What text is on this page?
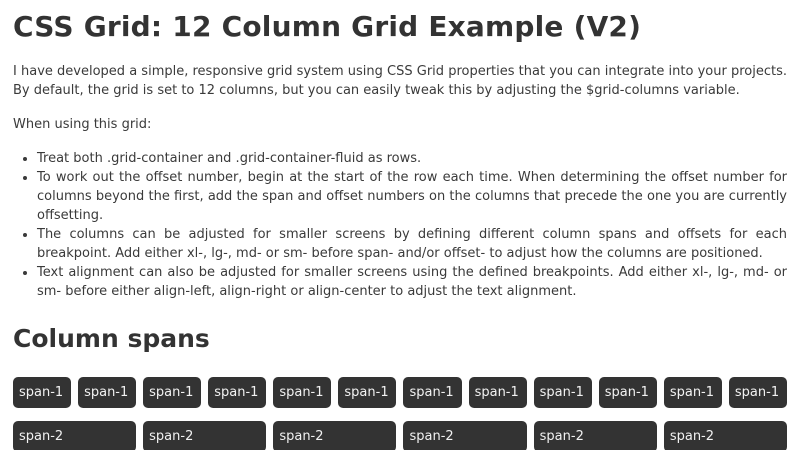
CSS Grid: 12 Column Grid Example (V2)

I have developed a simple, responsive grid system using CSS Grid properties that you can integrate into your projects. By default, the grid is set to 12 columns, but you can easily tweak this by adjusting the $grid-columns variable.

When using this grid:

• Treat both .grid-container and .grid-container-fluid as rows.
• To work out the offset number, begin at the start of the row each time. When determining the offset number for columns beyond the first, add the span and offset numbers on the columns that precede the one you are currently offsetting.
• The columns can be adjusted for smaller screens by defining different column spans and offsets for each breakpoint. Add either xl-, lg-, md- or sm- before span- and/or offset- to adjust how the columns are positioned.
• Text alignment can also be adjusted for smaller screens using the defined breakpoints. Add either xl-, lg-, md- or sm- before either align-left, align-right or align-center to adjust the text alignment.
Column spans
span-1	span-1	span-1	span-1	span-1	span-1	span-1	span-1	span-1	span-1	span-1	span-1
span-2	span-2	span-2	span-2	span-2	span-2
